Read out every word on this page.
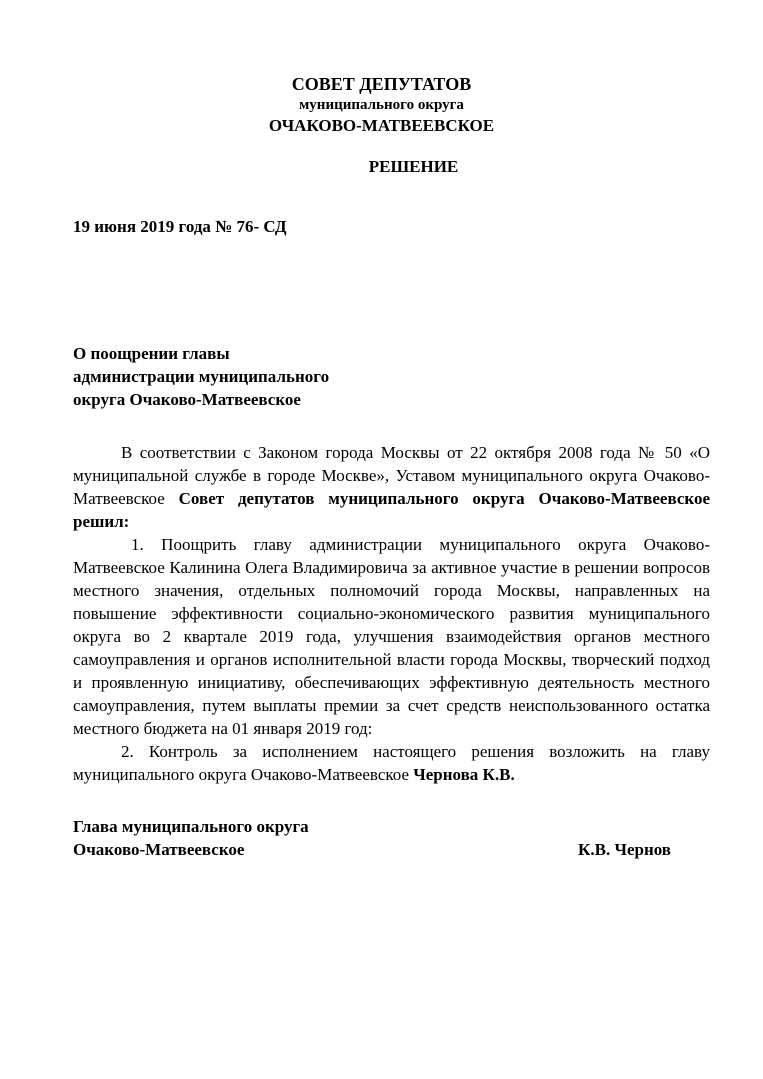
СОВЕТ ДЕПУТАТОВ
муниципального округа
ОЧАКОВО-МАТВЕЕВСКОЕ
РЕШЕНИЕ
19 июня 2019 года № 76- СД
О поощрении главы
администрации муниципального
округа Очаково-Матвеевское

В соответствии с Законом города Москвы от 22 октября 2008 года № 50 «О муниципальной службе в городе Москве», Уставом муниципального округа Очаково-Матвеевское Совет депутатов муниципального округа Очаково-Матвеевское решил:

1. Поощрить главу администрации муниципального округа Очаково-Матвеевское Калинина Олега Владимировича за активное участие в решении вопросов местного значения, отдельных полномочий города Москвы, направленных на повышение эффективности социально-экономического развития муниципального округа во 2 квартале 2019 года, улучшения взаимодействия органов местного самоуправления и органов исполнительной власти города Москвы, творческий подход и проявленную инициативу, обеспечивающих эффективную деятельность местного самоуправления, путем выплаты премии за счет средств неиспользованного остатка местного бюджета на 01 января 2019 год:

2. Контроль за исполнением настоящего решения возложить на главу муниципального округа Очаково-Матвеевское Чернова К.В.

Глава муниципального округа
Очаково-Матвеевское	К.В. Чернов
